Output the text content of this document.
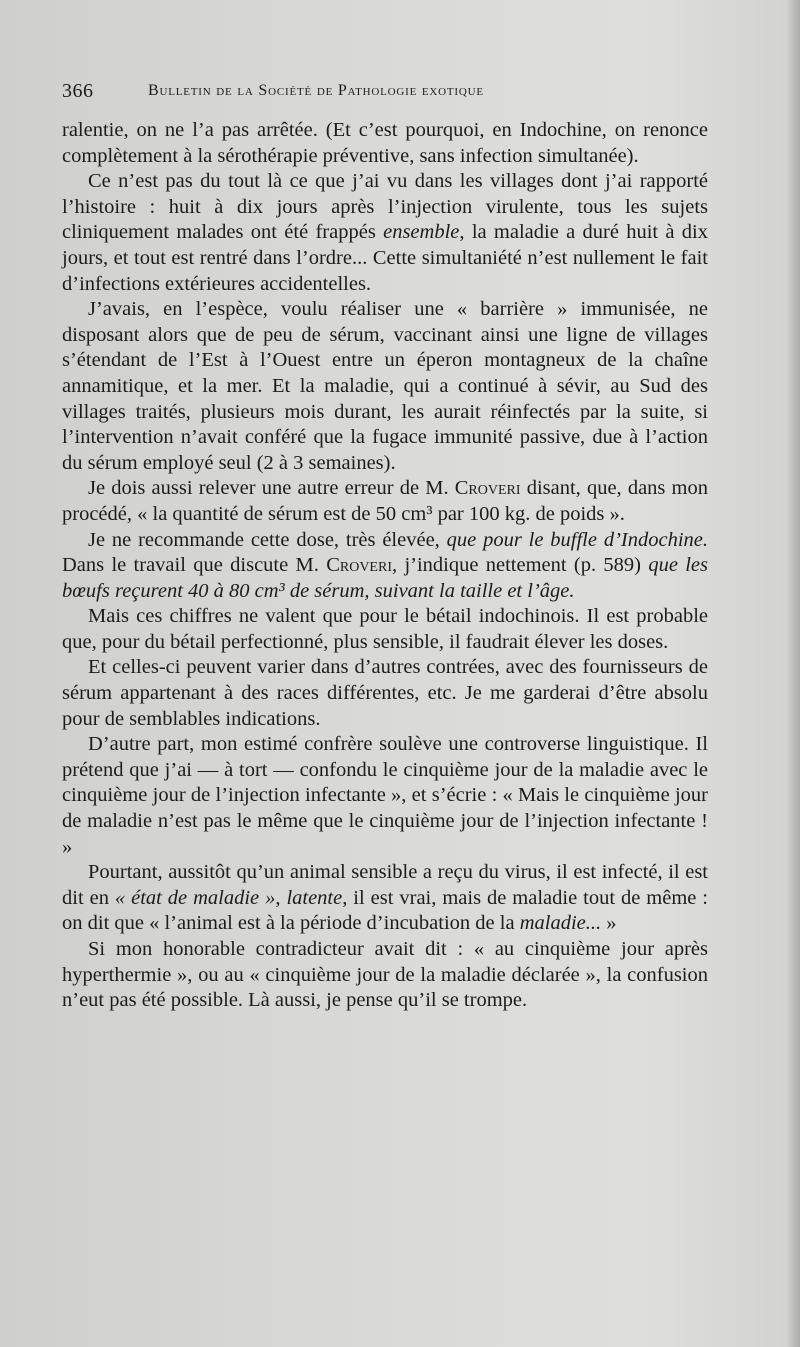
366	Bulletin de la Société de Pathologie exotique

ralentie, on ne l’a pas arrêtée. (Et c’est pourquoi, en Indochine, on renonce complètement à la sérothérapie préventive, sans infection simultanée).

Ce n’est pas du tout là ce que j’ai vu dans les villages dont j’ai rapporté l’histoire : huit à dix jours après l’injection virulente, tous les sujets cliniquement malades ont été frappés ensemble, la maladie a duré huit à dix jours, et tout est rentré dans l’ordre... Cette simultaniété n’est nullement le fait d’infections extérieures accidentelles.

J’avais, en l’espèce, voulu réaliser une « barrière » immunisée, ne disposant alors que de peu de sérum, vaccinant ainsi une ligne de villages s’étendant de l’Est à l’Ouest entre un éperon montagneux de la chaîne annamitique, et la mer. Et la maladie, qui a continué à sévir, au Sud des villages traités, plusieurs mois durant, les aurait réinfectés par la suite, si l’intervention n’avait conféré que la fugace immunité passive, due à l’action du sérum employé seul (2 à 3 semaines).

Je dois aussi relever une autre erreur de M. Croveri disant, que, dans mon procédé, « la quantité de sérum est de 50 cm³ par 100 kg. de poids ».

Je ne recommande cette dose, très élevée, que pour le buffle d’Indochine. Dans le travail que discute M. Croveri, j’indique nettement (p. 589) que les bœufs reçurent 40 à 80 cm³ de sérum, suivant la taille et l’âge.

Mais ces chiffres ne valent que pour le bétail indochinois. Il est probable que, pour du bétail perfectionné, plus sensible, il faudrait élever les doses.

Et celles-ci peuvent varier dans d’autres contrées, avec des fournisseurs de sérum appartenant à des races différentes, etc. Je me garderai d’être absolu pour de semblables indications.

D’autre part, mon estimé confrère soulève une controverse linguistique. Il prétend que j’ai — à tort — confondu le cinquième jour de la maladie avec le cinquième jour de l’injection infectante », et s’écrie : « Mais le cinquième jour de maladie n’est pas le même que le cinquième jour de l’injection infectante ! »

Pourtant, aussitôt qu’un animal sensible a reçu du virus, il est infecté, il est dit en « état de maladie », latente, il est vrai, mais de maladie tout de même : on dit que « l’animal est à la période d’incubation de la maladie... »

Si mon honorable contradicteur avait dit : « au cinquième jour après hyperthermie », ou au « cinquième jour de la maladie déclarée », la confusion n’eut pas été possible. Là aussi, je pense qu’il se trompe.
